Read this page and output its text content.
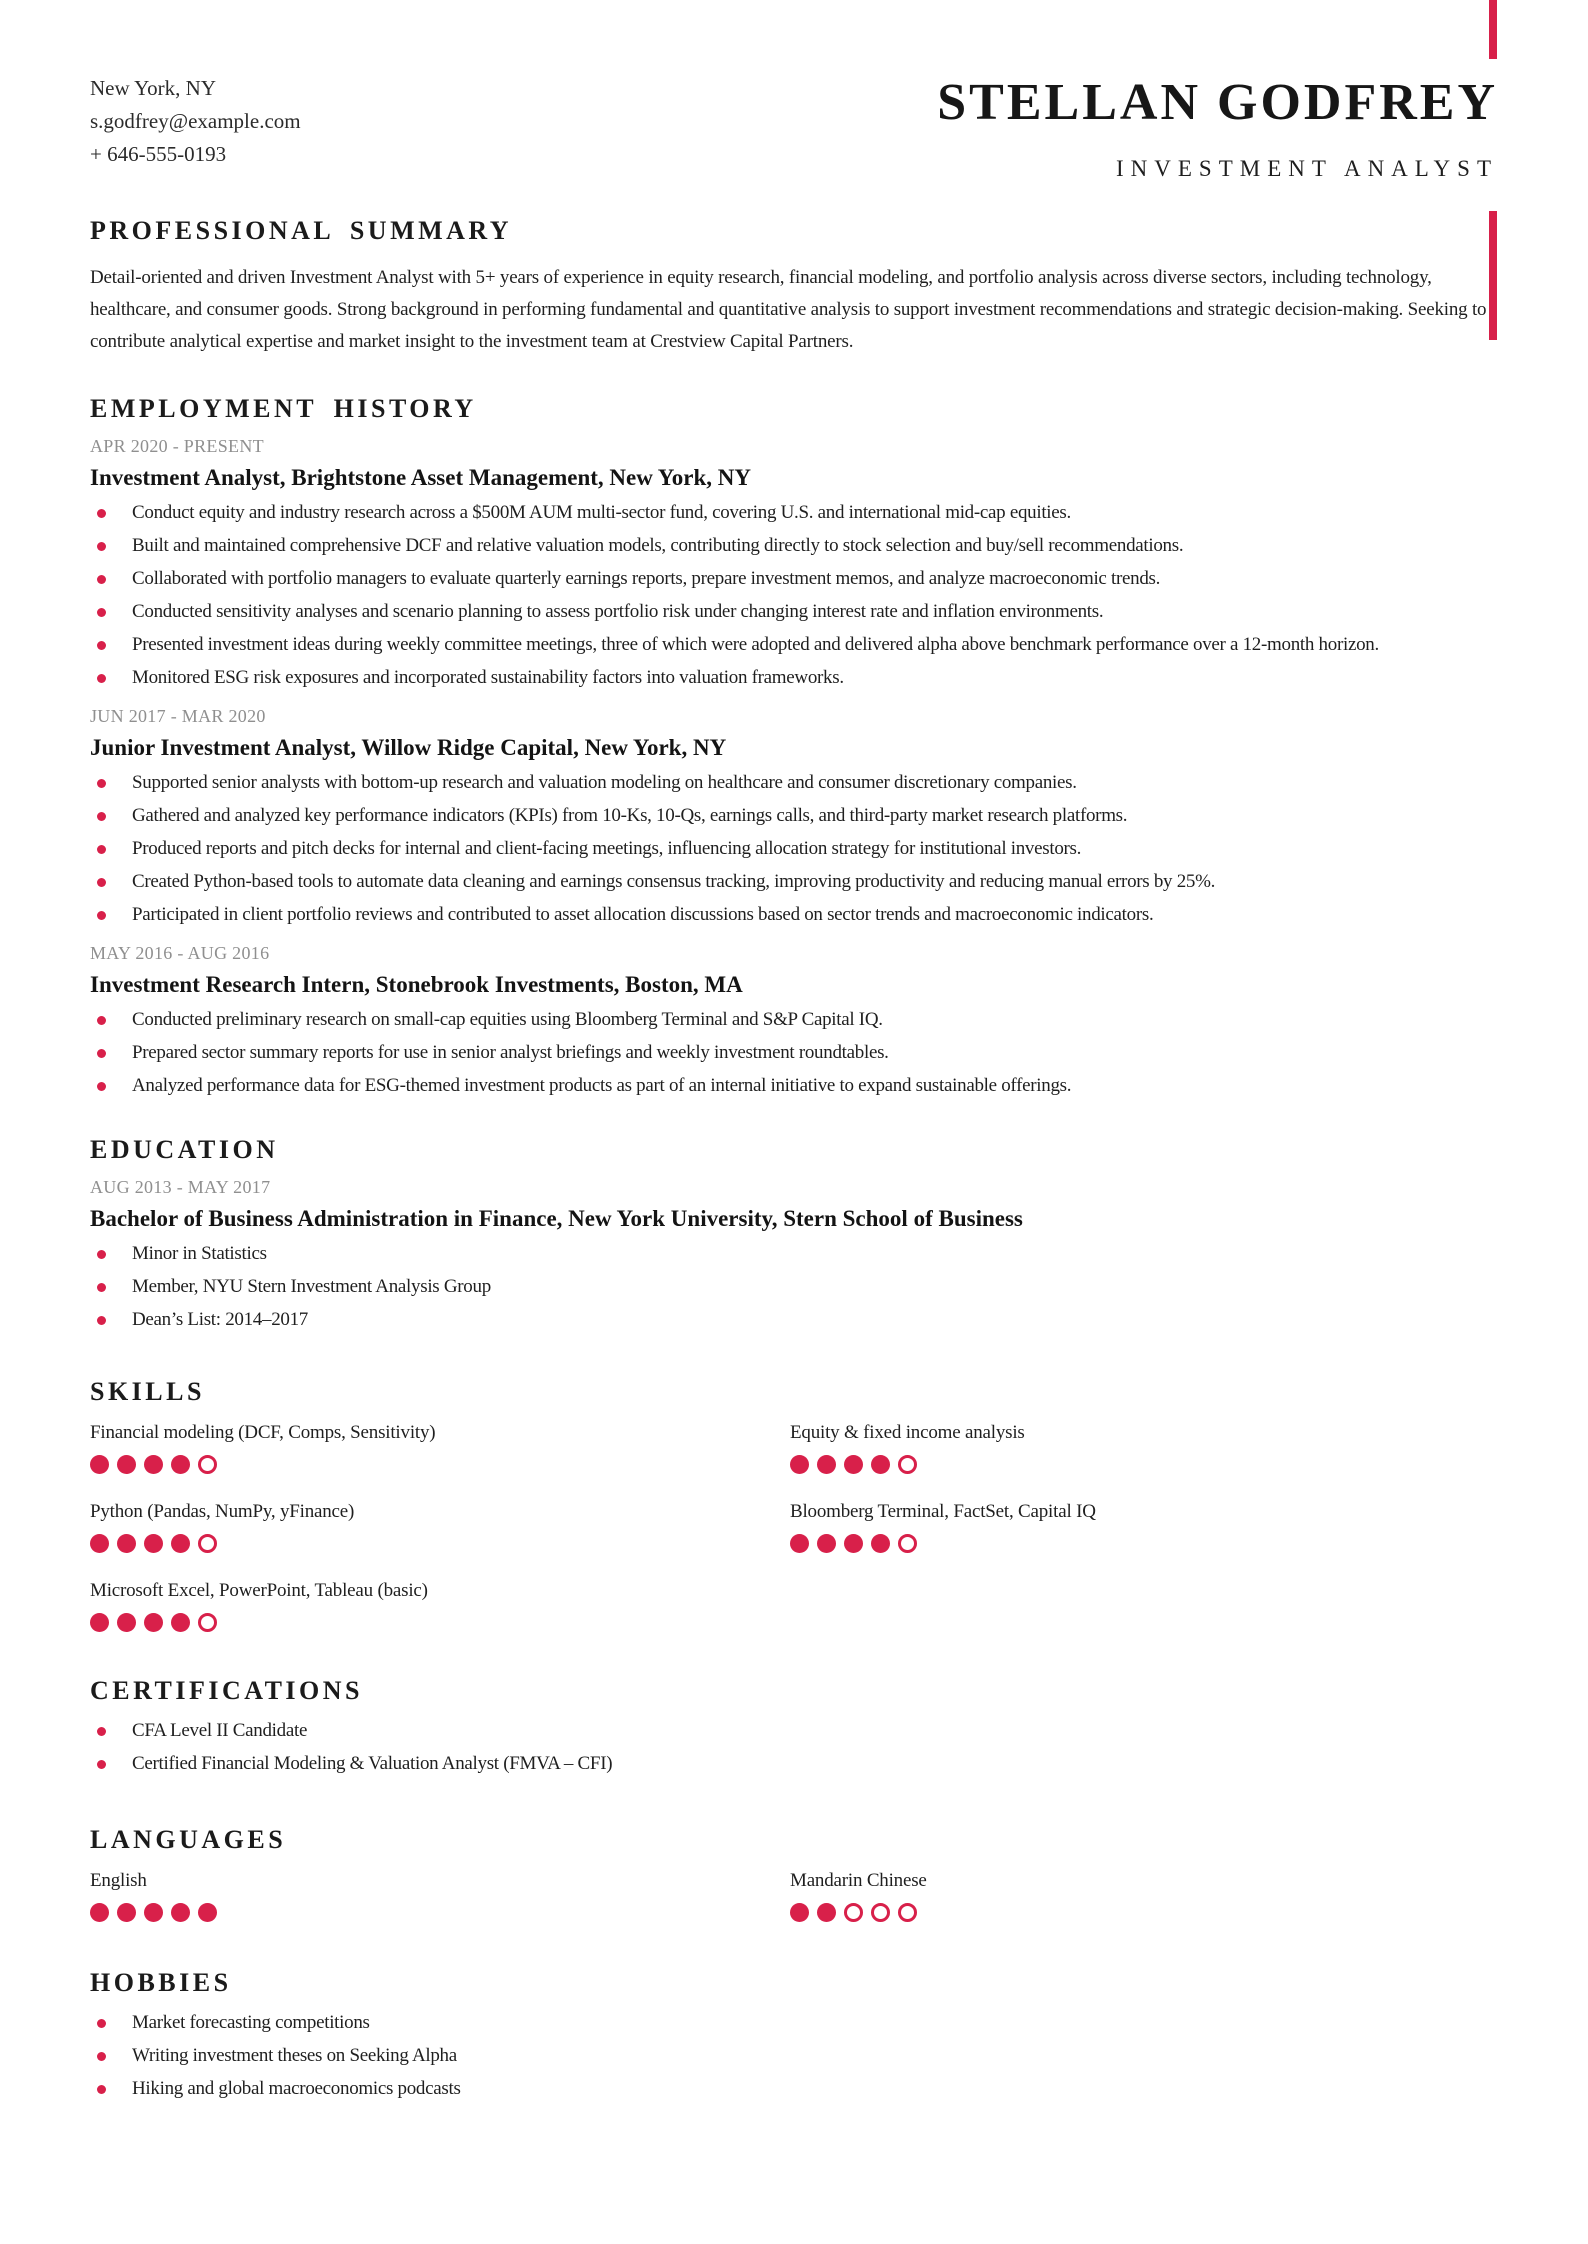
New York, NY
s.godfrey@example.com
+ 646-555-0193
STELLAN GODFREY
INVESTMENT ANALYST
PROFESSIONAL SUMMARY

Detail-oriented and driven Investment Analyst with 5+ years of experience in equity research, financial modeling, and portfolio analysis across diverse sectors, including technology, healthcare, and consumer goods. Strong background in performing fundamental and quantitative analysis to support investment recommendations and strategic decision-making. Seeking to contribute analytical expertise and market insight to the investment team at Crestview Capital Partners.

EMPLOYMENT HISTORY
APR 2020 - PRESENT
Investment Analyst, Brightstone Asset Management, New York, NY
Conduct equity and industry research across a $500M AUM multi-sector fund, covering U.S. and international mid-cap equities.
Built and maintained comprehensive DCF and relative valuation models, contributing directly to stock selection and buy/sell recommendations.
Collaborated with portfolio managers to evaluate quarterly earnings reports, prepare investment memos, and analyze macroeconomic trends.
Conducted sensitivity analyses and scenario planning to assess portfolio risk under changing interest rate and inflation environments.
Presented investment ideas during weekly committee meetings, three of which were adopted and delivered alpha above benchmark performance over a 12-month horizon.
Monitored ESG risk exposures and incorporated sustainability factors into valuation frameworks.
JUN 2017 - MAR 2020
Junior Investment Analyst, Willow Ridge Capital, New York, NY
Supported senior analysts with bottom-up research and valuation modeling on healthcare and consumer discretionary companies.
Gathered and analyzed key performance indicators (KPIs) from 10-Ks, 10-Qs, earnings calls, and third-party market research platforms.
Produced reports and pitch decks for internal and client-facing meetings, influencing allocation strategy for institutional investors.
Created Python-based tools to automate data cleaning and earnings consensus tracking, improving productivity and reducing manual errors by 25%.
Participated in client portfolio reviews and contributed to asset allocation discussions based on sector trends and macroeconomic indicators.
MAY 2016 - AUG 2016
Investment Research Intern, Stonebrook Investments, Boston, MA
Conducted preliminary research on small-cap equities using Bloomberg Terminal and S&P Capital IQ.
Prepared sector summary reports for use in senior analyst briefings and weekly investment roundtables.
Analyzed performance data for ESG-themed investment products as part of an internal initiative to expand sustainable offerings.
EDUCATION
AUG 2013 - MAY 2017
Bachelor of Business Administration in Finance, New York University, Stern School of Business
Minor in Statistics
Member, NYU Stern Investment Analysis Group
Dean’s List: 2014–2017
SKILLS
Financial modeling (DCF, Comps, Sensitivity)	Equity & fixed income analysis
Python (Pandas, NumPy, yFinance)	Bloomberg Terminal, FactSet, Capital IQ
Microsoft Excel, PowerPoint, Tableau (basic)
CERTIFICATIONS
CFA Level II Candidate
Certified Financial Modeling & Valuation Analyst (FMVA – CFI)
LANGUAGES
English	Mandarin Chinese
HOBBIES
Market forecasting competitions
Writing investment theses on Seeking Alpha
Hiking and global macroeconomics podcasts
